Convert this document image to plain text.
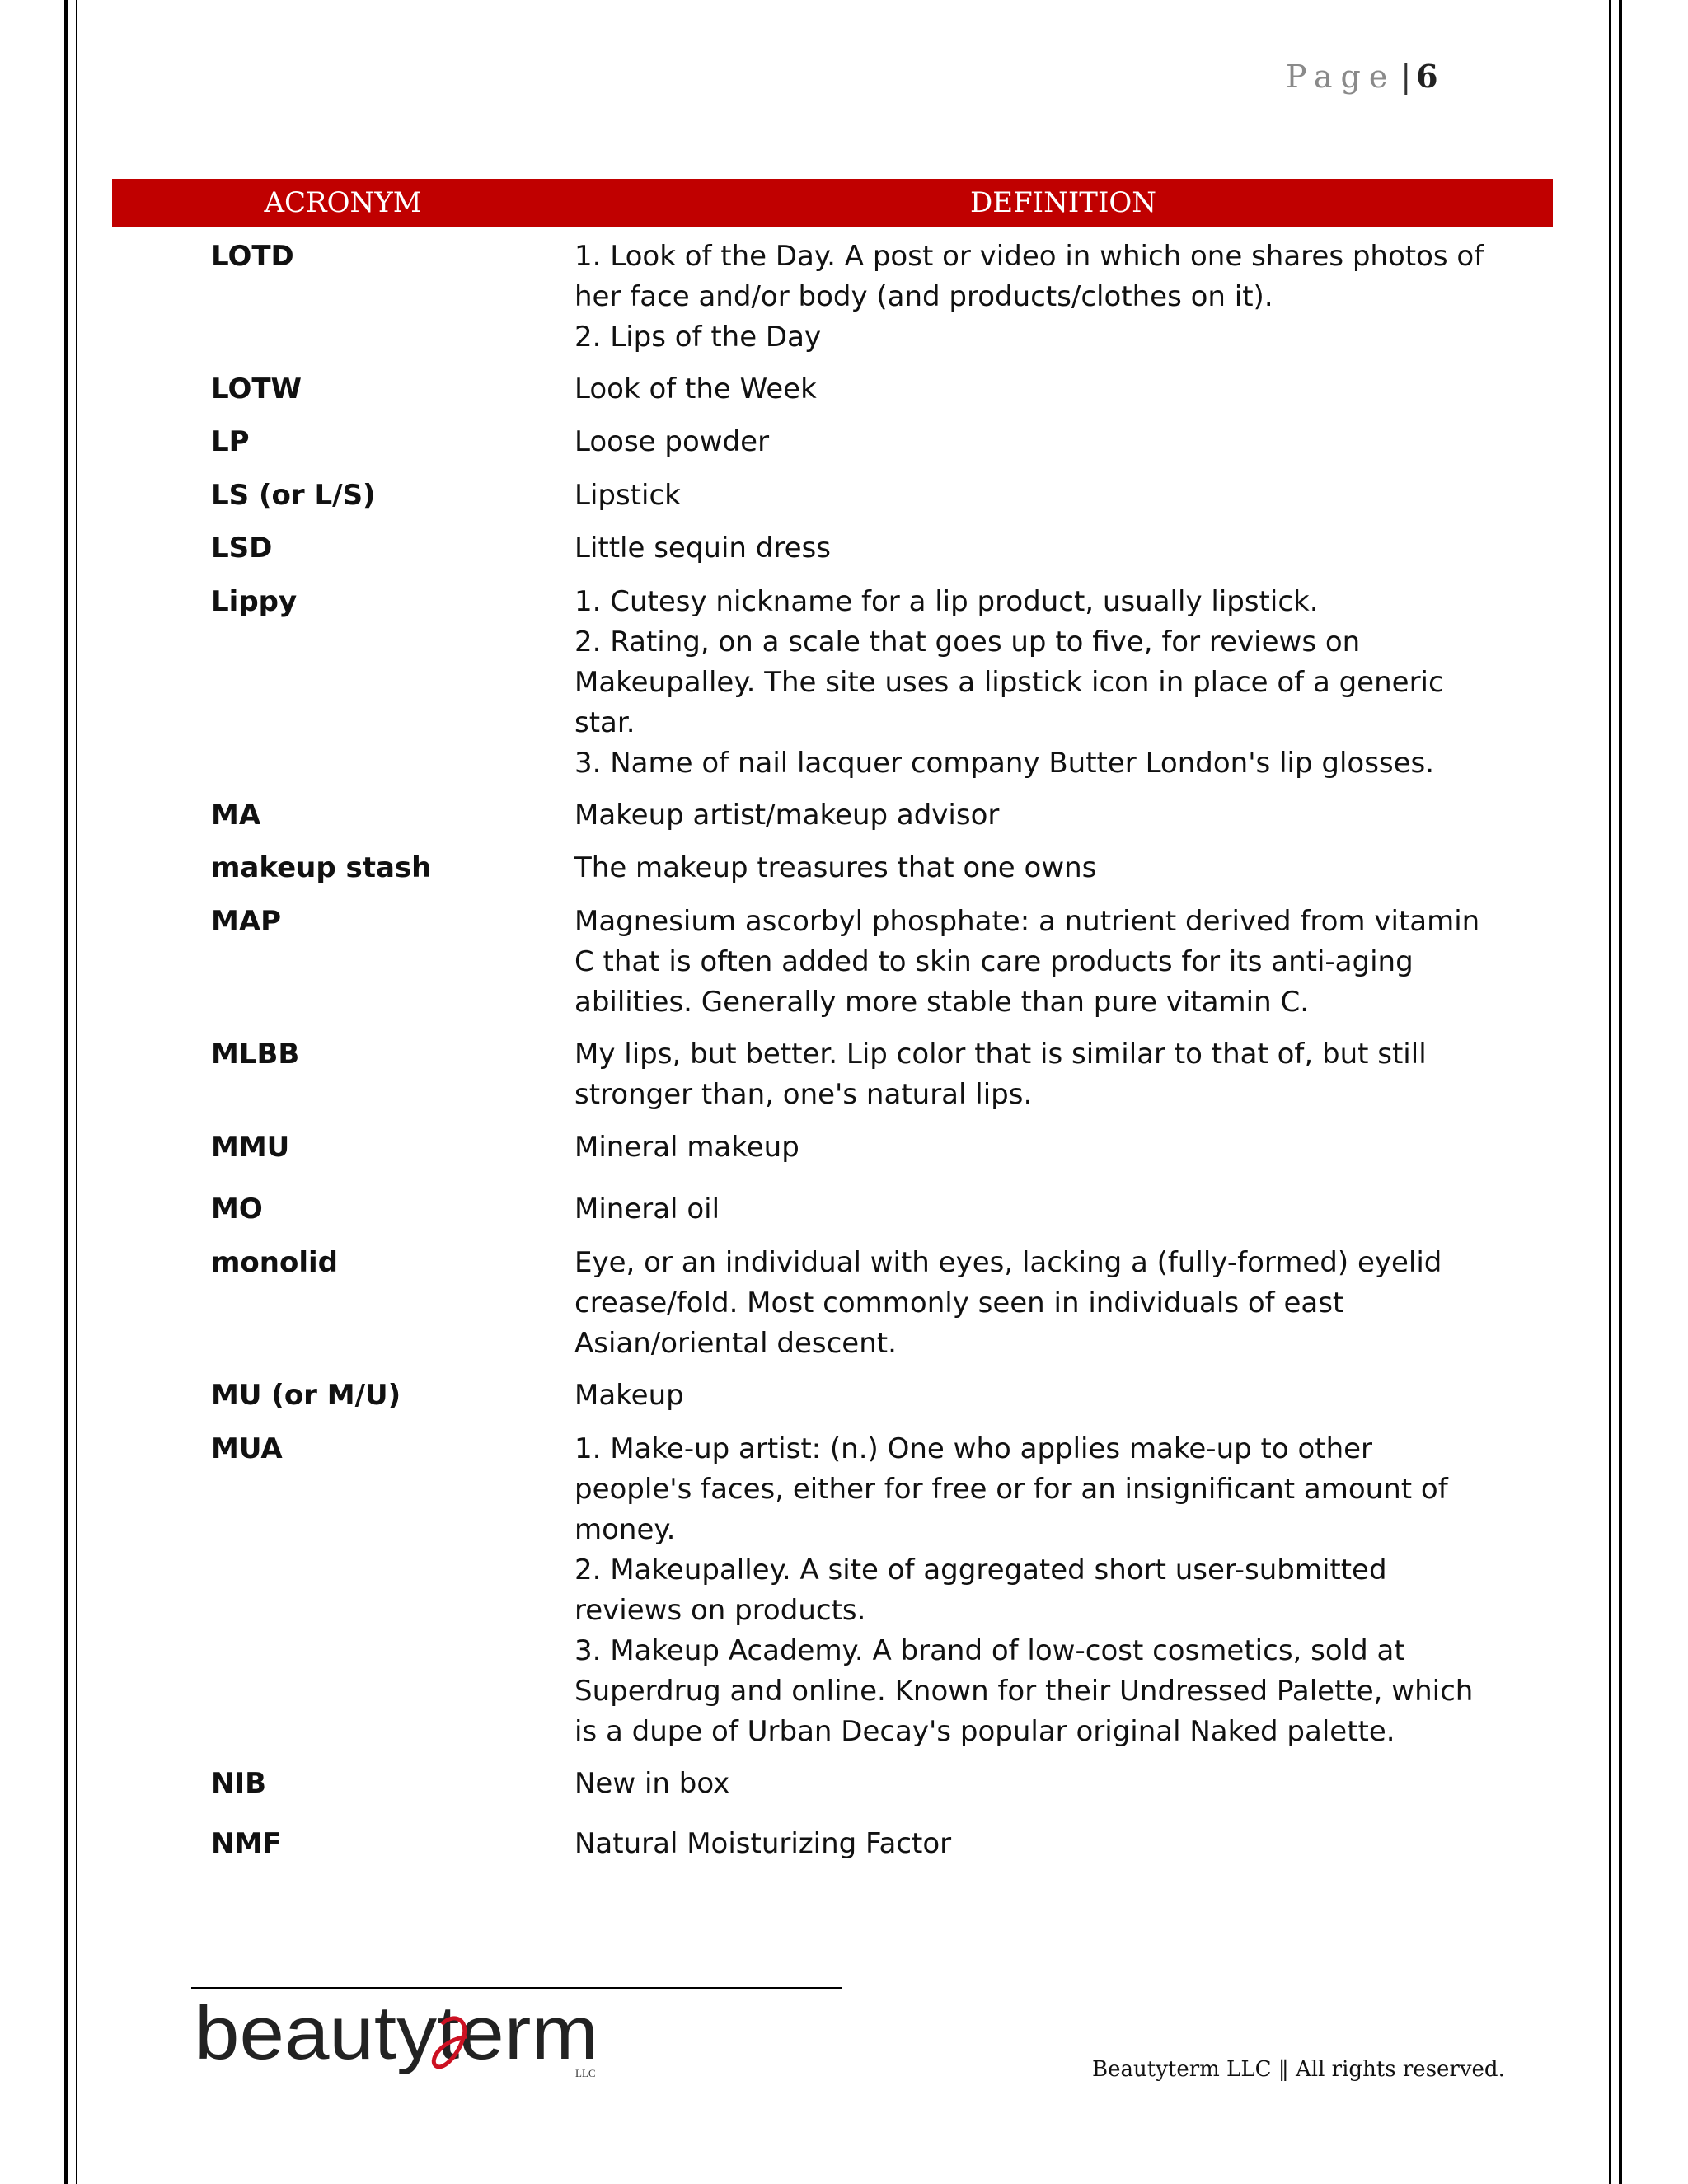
Page | 6
ACRONYM	DEFINITION
LOTD	1. Look of the Day. A post or video in which one shares photos of
her face and/or body (and products/clothes on it).
2. Lips of the Day
LOTW	Look of the Week
LP	Loose powder
LS (or L/S)	Lipstick
LSD	Little sequin dress
Lippy	1. Cutesy nickname for a lip product, usually lipstick.
2. Rating, on a scale that goes up to five, for reviews on
Makeupalley. The site uses a lipstick icon in place of a generic
star.
3. Name of nail lacquer company Butter London's lip glosses.
MA	Makeup artist/makeup advisor
makeup stash	The makeup treasures that one owns
MAP	Magnesium ascorbyl phosphate: a nutrient derived from vitamin
C that is often added to skin care products for its anti-aging
abilities. Generally more stable than pure vitamin C.
MLBB	My lips, but better. Lip color that is similar to that of, but still
stronger than, one's natural lips.
MMU	Mineral makeup
MO	Mineral oil
monolid	Eye, or an individual with eyes, lacking a (fully-formed) eyelid
crease/fold. Most commonly seen in individuals of east
Asian/oriental descent.
MU (or M/U)	Makeup
MUA	1. Make-up artist: (n.) One who applies make-up to other
people's faces, either for free or for an insignificant amount of
money.
2. Makeupalley. A site of aggregated short user-submitted
reviews on products.
3. Makeup Academy. A brand of low-cost cosmetics, sold at
Superdrug and online. Known for their Undressed Palette, which
is a dupe of Urban Decay's popular original Naked palette.
NIB	New in box
NMF	Natural Moisturizing Factor
beautyterm
LLC	Beautyterm LLC ‖ All rights reserved.
